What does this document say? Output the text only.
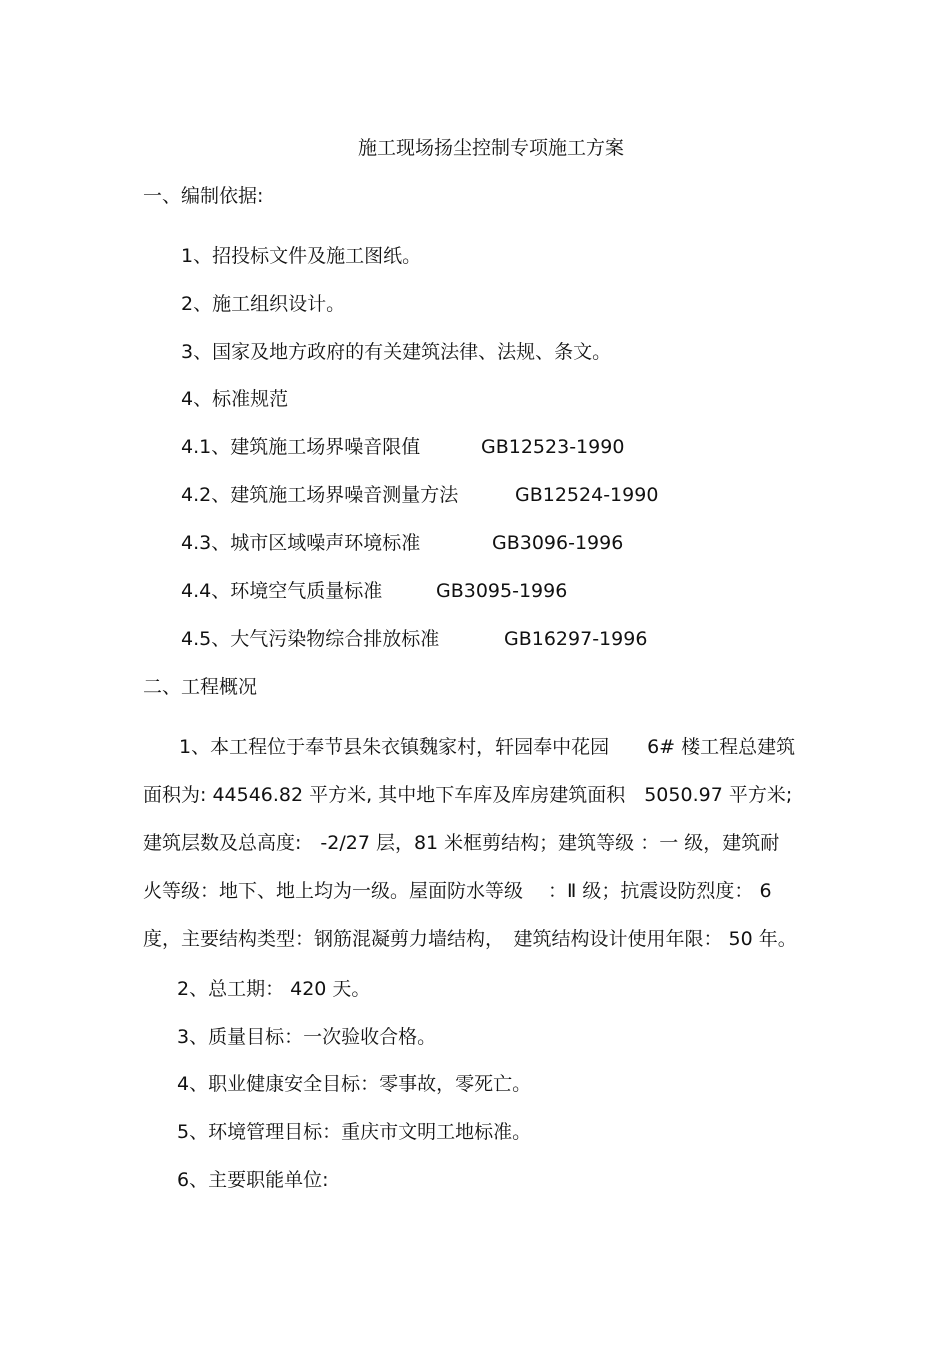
施工现场扬尘控制专项施工方案
一、编制依据:
1、招投标文件及施工图纸。
2、施工组织设计。
3、国家及地方政府的有关建筑法律、法规、条文。
4、标准规范
4.1、建筑施工场界噪音限值	GB12523-1990
4.2、建筑施工场界噪音测量方法	GB12524-1990
4.3、城市区域噪声环境标准	GB3096-1996
4.4、环境空气质量标准	GB3095-1996
4.5、大气污染物综合排放标准	GB16297-1996
二、工程概况
1、本工程位于奉节县朱衣镇魏家村，轩园奉中花园　　6# 楼工程总建筑
面积为: 44546.82 平方米, 其中地下车库及库房建筑面积　5050.97 平方米;
建筑层数及总高度:　-2/27 层，81 米框剪结构；建筑等级 ：一 级，建筑耐
火等级：地下、地上均为一级。屋面防水等级　 ：Ⅱ 级；抗震设防烈度： 6
度，主要结构类型：钢筋混凝剪力墙结构，　建筑结构设计使用年限： 50 年。
2、总工期： 420 天。
3、质量目标：一次验收合格。
4、职业健康安全目标：零事故，零死亡。
5、环境管理目标：重庆市文明工地标准。
6、主要职能单位:
